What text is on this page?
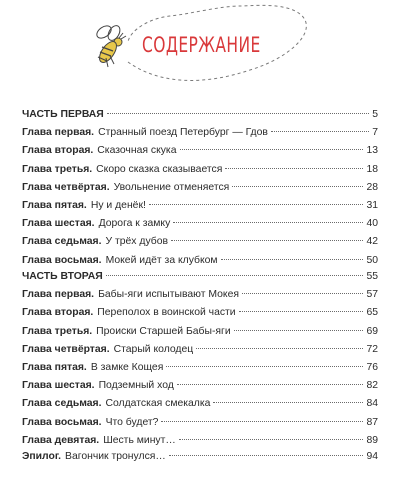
СОДЕРЖАНИЕ
ЧАСТЬ ПЕРВАЯ	5
Глава первая. Странный поезд Петербург — Гдов	7
Глава вторая. Сказочная скука	13
Глава третья. Скоро сказка сказывается	18
Глава четвёртая. Увольнение отменяется	28
Глава пятая. Ну и денёк!	31
Глава шестая. Дорога к замку	40
Глава седьмая. У трёх дубов	42
Глава восьмая. Мокей идёт за клубком	50
ЧАСТЬ ВТОРАЯ	55
Глава первая. Бабы-яги испытывают Мокея	57
Глава вторая. Переполох в воинской части	65
Глава третья. Происки Старшей Бабы-яги	69
Глава четвёртая. Старый колодец	72
Глава пятая. В замке Кощея	76
Глава шестая. Подземный ход	82
Глава седьмая. Солдатская смекалка	84
Глава восьмая. Что будет?	87
Глава девятая. Шесть минут…	89
Эпилог. Вагончик тронулся…	94
